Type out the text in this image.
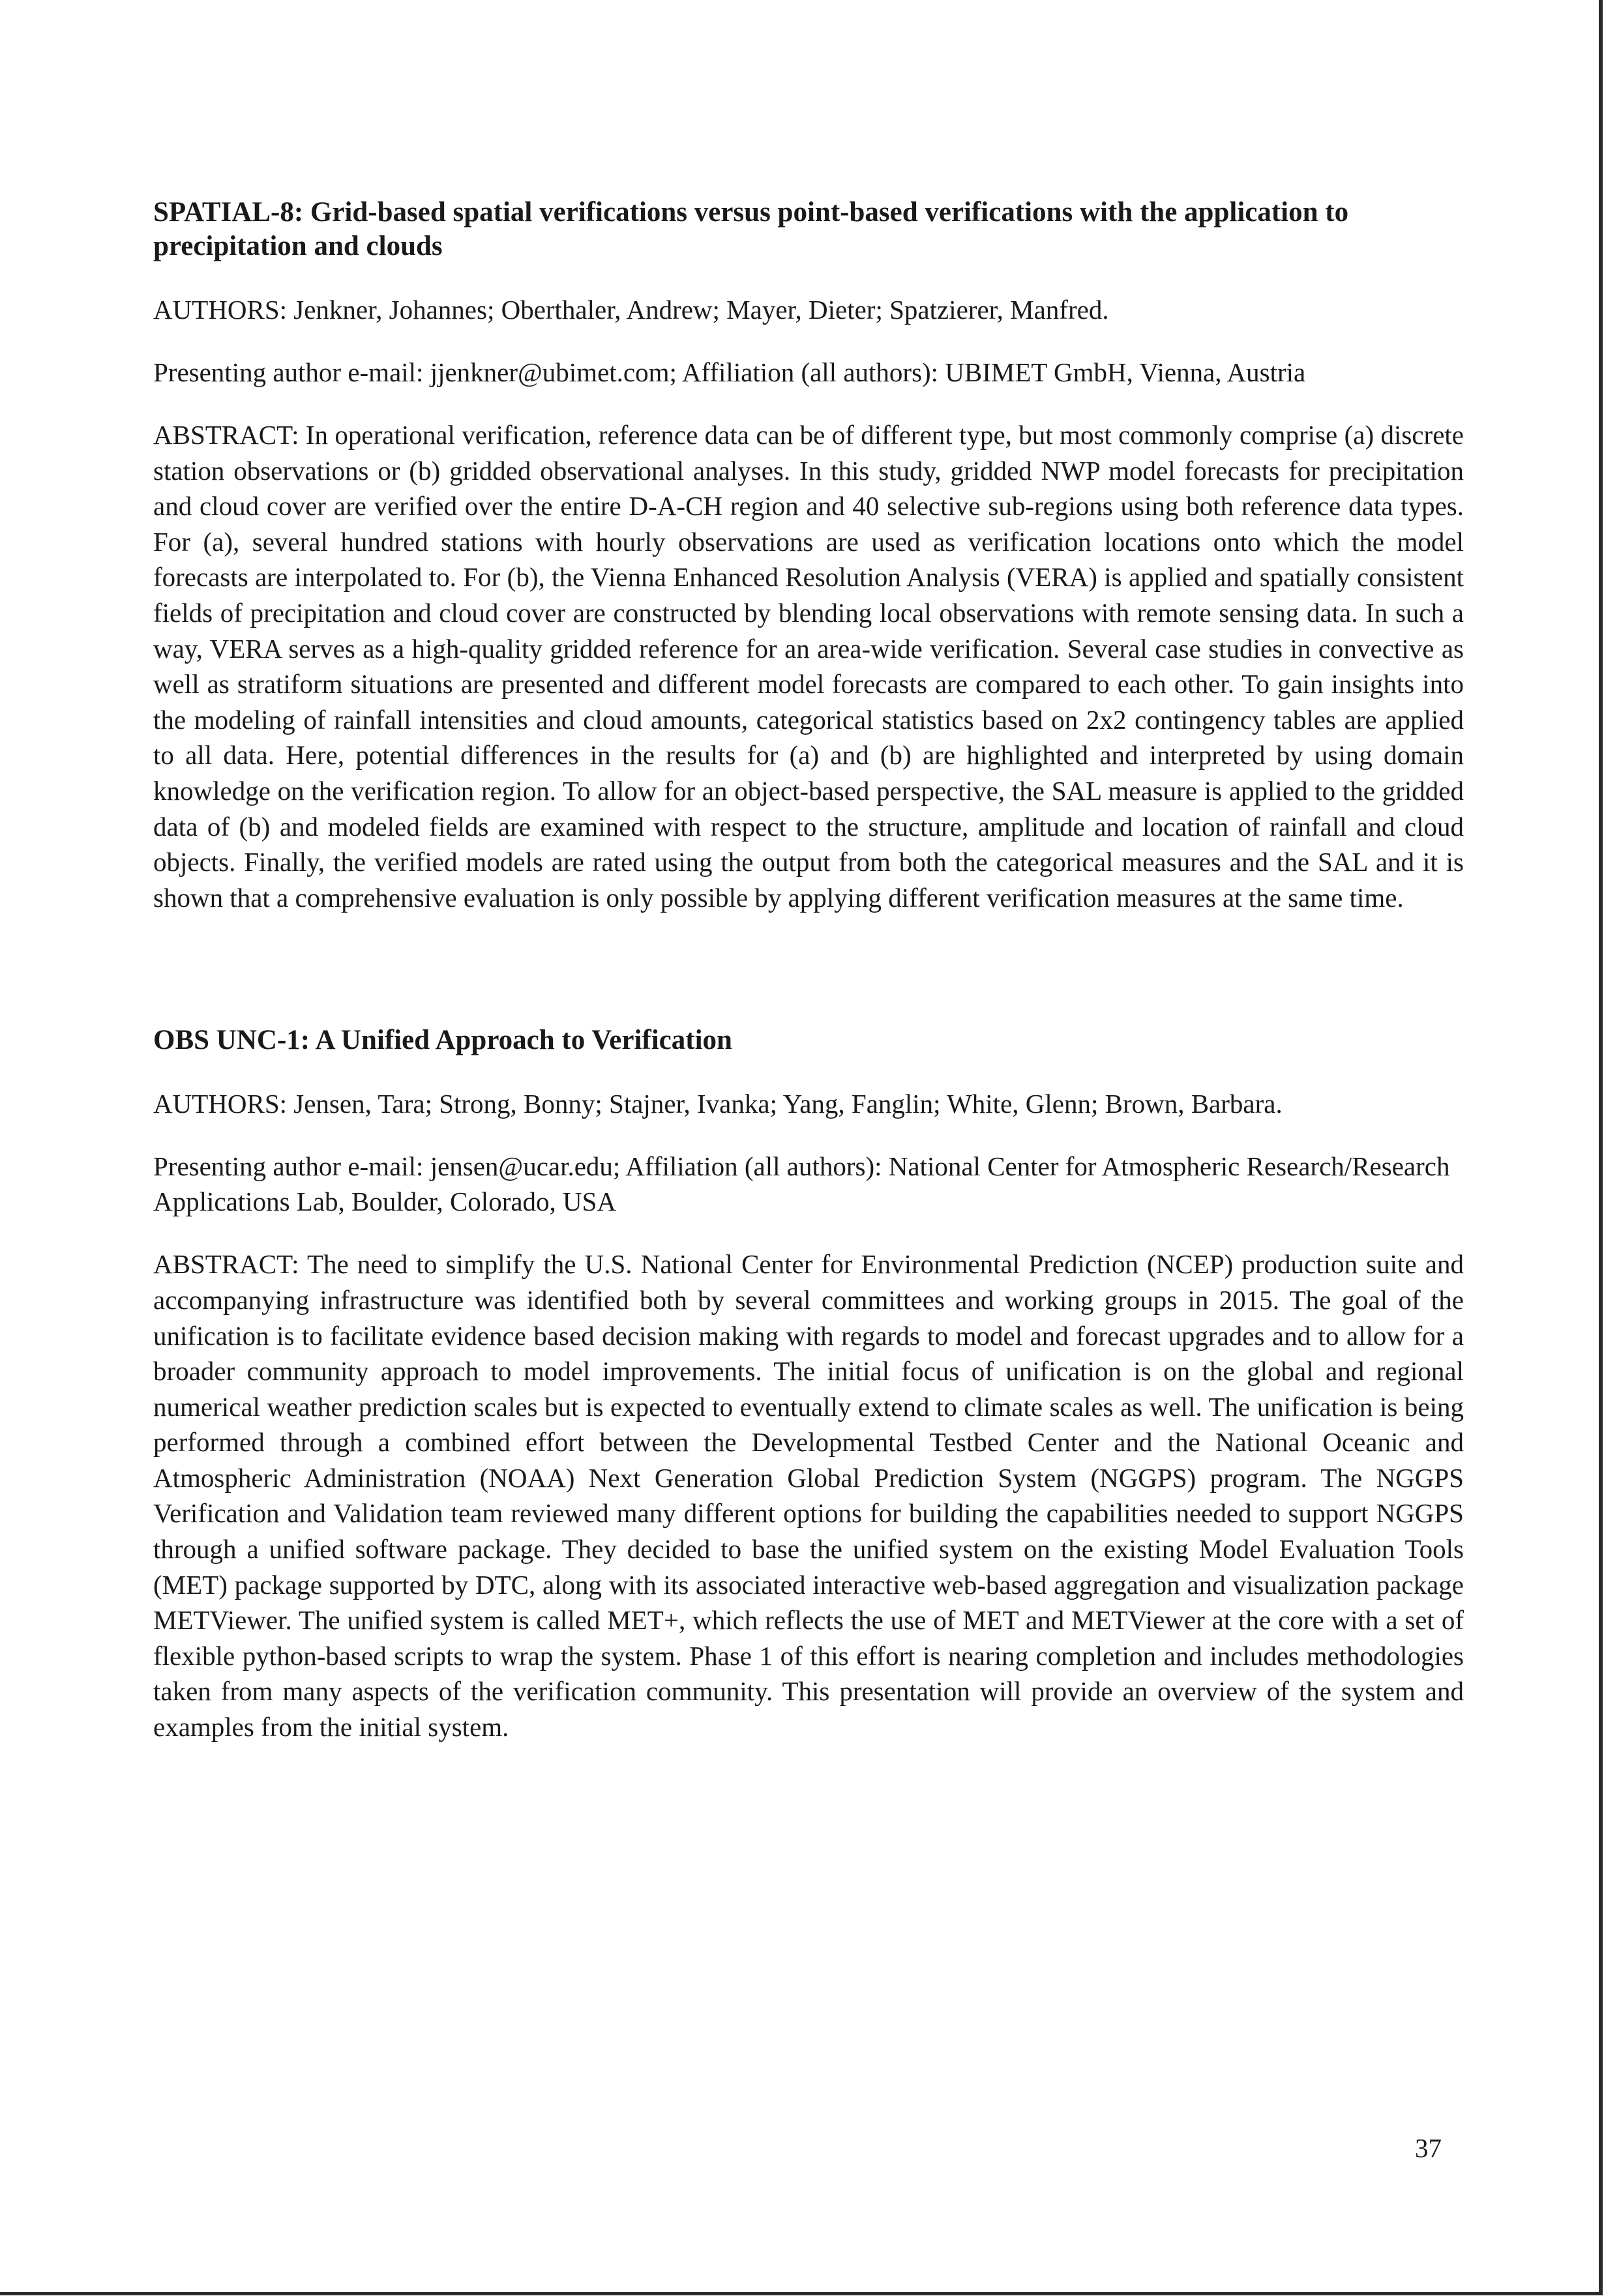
SPATIAL-8: Grid-based spatial verifications versus point-based verifications with the application to precipitation and clouds

AUTHORS: Jenkner, Johannes; Oberthaler, Andrew; Mayer, Dieter; Spatzierer, Manfred.

Presenting author e-mail: jjenkner@ubimet.com; Affiliation (all authors): UBIMET GmbH, Vienna, Austria

ABSTRACT: In operational verification, reference data can be of different type, but most commonly comprise (a) discrete station observations or (b) gridded observational analyses. In this study, gridded NWP model forecasts for precipitation and cloud cover are verified over the entire D-A-CH region and 40 selective sub-regions using both reference data types. For (a), several hundred stations with hourly observations are used as verification locations onto which the model forecasts are interpolated to. For (b), the Vienna Enhanced Resolution Analysis (VERA) is applied and spatially consistent fields of precipitation and cloud cover are constructed by blending local observations with remote sensing data. In such a way, VERA serves as a high-quality gridded reference for an area-wide verification. Several case studies in convective as well as stratiform situations are presented and different model forecasts are compared to each other. To gain insights into the modeling of rainfall intensities and cloud amounts, categorical statistics based on 2x2 contingency tables are applied to all data. Here, potential differences in the results for (a) and (b) are highlighted and interpreted by using domain knowledge on the verification region. To allow for an object-based perspective, the SAL measure is applied to the gridded data of (b) and modeled fields are examined with respect to the structure, amplitude and location of rainfall and cloud objects. Finally, the verified models are rated using the output from both the categorical measures and the SAL and it is shown that a comprehensive evaluation is only possible by applying different verification measures at the same time.

OBS UNC-1: A Unified Approach to Verification

AUTHORS: Jensen, Tara; Strong, Bonny; Stajner, Ivanka; Yang, Fanglin; White, Glenn; Brown, Barbara.

Presenting author e-mail: jensen@ucar.edu; Affiliation (all authors): National Center for Atmospheric Research/Research Applications Lab, Boulder, Colorado, USA

ABSTRACT: The need to simplify the U.S. National Center for Environmental Prediction (NCEP) production suite and accompanying infrastructure was identified both by several committees and working groups in 2015. The goal of the unification is to facilitate evidence based decision making with regards to model and forecast upgrades and to allow for a broader community approach to model improvements. The initial focus of unification is on the global and regional numerical weather prediction scales but is expected to eventually extend to climate scales as well. The unification is being performed through a combined effort between the Developmental Testbed Center and the National Oceanic and Atmospheric Administration (NOAA) Next Generation Global Prediction System (NGGPS) program. The NGGPS Verification and Validation team reviewed many different options for building the capabilities needed to support NGGPS through a unified software package. They decided to base the unified system on the existing Model Evaluation Tools (MET) package supported by DTC, along with its associated interactive web-based aggregation and visualization package METViewer. The unified system is called MET+, which reflects the use of MET and METViewer at the core with a set of flexible python-based scripts to wrap the system. Phase 1 of this effort is nearing completion and includes methodologies taken from many aspects of the verification community. This presentation will provide an overview of the system and examples from the initial system.

37
